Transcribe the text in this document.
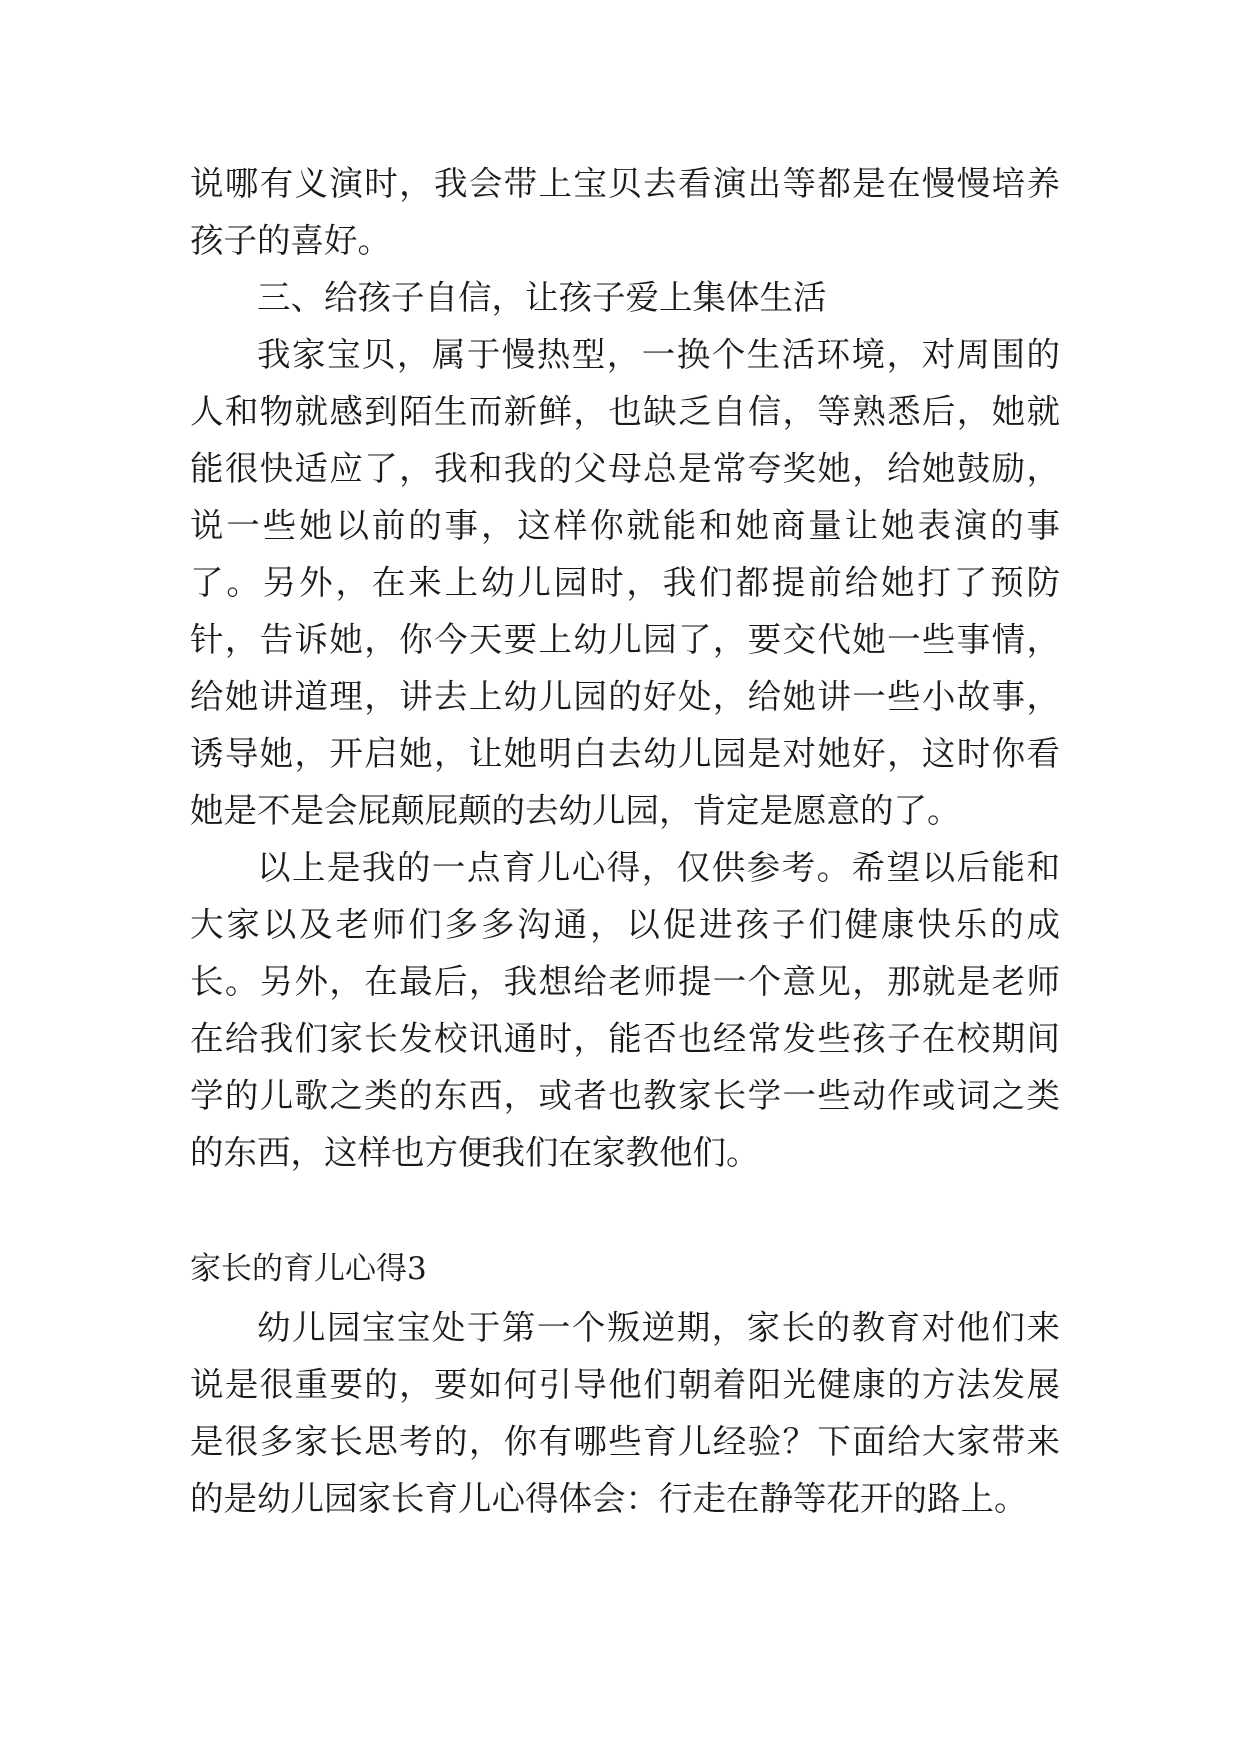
说哪有义演时，我会带上宝贝去看演出等都是在慢慢培养孩子的喜好。

三、给孩子自信，让孩子爱上集体生活

我家宝贝，属于慢热型，一换个生活环境，对周围的人和物就感到陌生而新鲜，也缺乏自信，等熟悉后，她就能很快适应了，我和我的父母总是常夸奖她，给她鼓励，说一些她以前的事，这样你就能和她商量让她表演的事了。另外，在来上幼儿园时，我们都提前给她打了预防针，告诉她，你今天要上幼儿园了，要交代她一些事情，给她讲道理，讲去上幼儿园的好处，给她讲一些小故事，诱导她，开启她，让她明白去幼儿园是对她好，这时你看她是不是会屁颠屁颠的去幼儿园，肯定是愿意的了。

以上是我的一点育儿心得，仅供参考。希望以后能和大家以及老师们多多沟通，以促进孩子们健康快乐的成长。另外，在最后，我想给老师提一个意见，那就是老师在给我们家长发校讯通时，能否也经常发些孩子在校期间学的儿歌之类的东西，或者也教家长学一些动作或词之类的东西，这样也方便我们在家教他们。

家长的育儿心得3

幼儿园宝宝处于第一个叛逆期，家长的教育对他们来说是很重要的，要如何引导他们朝着阳光健康的方法发展是很多家长思考的，你有哪些育儿经验？下面给大家带来的是幼儿园家长育儿心得体会：行走在静等花开的路上。
